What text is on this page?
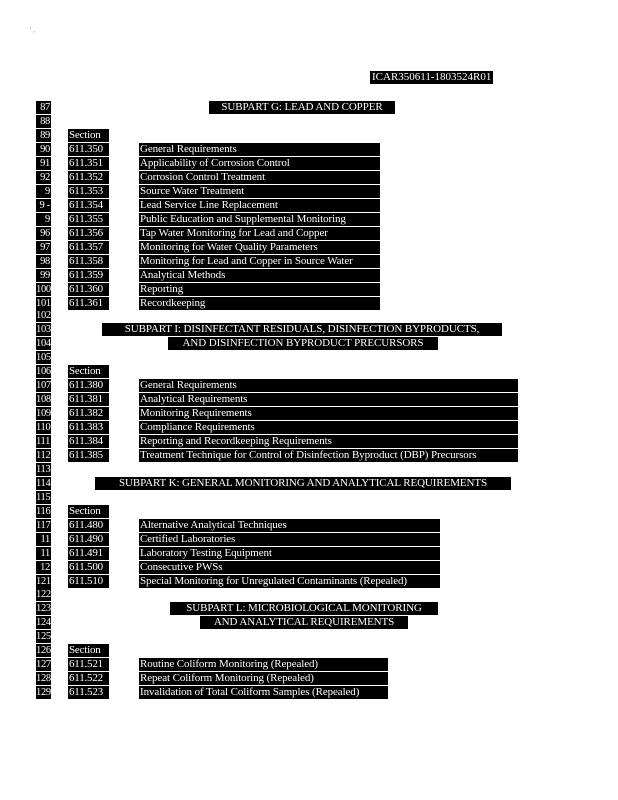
' ,
ICAR350611-1803524R01
87	SUBPART G: LEAD AND COPPER
88
89 Section
90 611.350	General Requirements
91 611.351	Applicability of Corrosion Control
92 611.352	Corrosion Control Treatment
9 611.353	Source Water Treatment
9 - 611.354	Lead Service Line Replacement
9 611.355	Public Education and Supplemental Monitoring
96 611.356	Tap Water Monitoring for Lead and Copper
97 611.357	Monitoring for Water Quality Parameters
98 611.358	Monitoring for Lead and Copper in Source Water
99 611.359	Analytical Methods
100 611.360	Reporting
101 611.361	Recordkeeping
102
103	SUBPART I: DISINFECTANT RESIDUALS, DISINFECTION BYPRODUCTS,
104	AND DISINFECTION BYPRODUCT PRECURSORS
105
106 Section
107 611.380	General Requirements
108 611.381	Analytical Requirements
109 611.382	Monitoring Requirements
110 611.383	Compliance Requirements
111 611.384	Reporting and Recordkeeping Requirements
112 611.385	Treatment Technique for Control of Disinfection Byproduct (DBP) Precursors
113
114	SUBPART K: GENERAL MONITORING AND ANALYTICAL REQUIREMENTS
115
116 Section
117 611.480	Alternative Analytical Techniques
11 611.490	Certified Laboratories
11 611.491	Laboratory Testing Equipment
12 611.500	Consecutive PWSs
121 611.510	Special Monitoring for Unregulated Contaminants (Repealed)
122
123	SUBPART L: MICROBIOLOGICAL MONITORING
124	AND ANALYTICAL REQUIREMENTS
125
126 Section
127 611.521	Routine Coliform Monitoring (Repealed)
128 611.522	Repeat Coliform Monitoring (Repealed)
129 611.523	Invalidation of Total Coliform Samples (Repealed)
